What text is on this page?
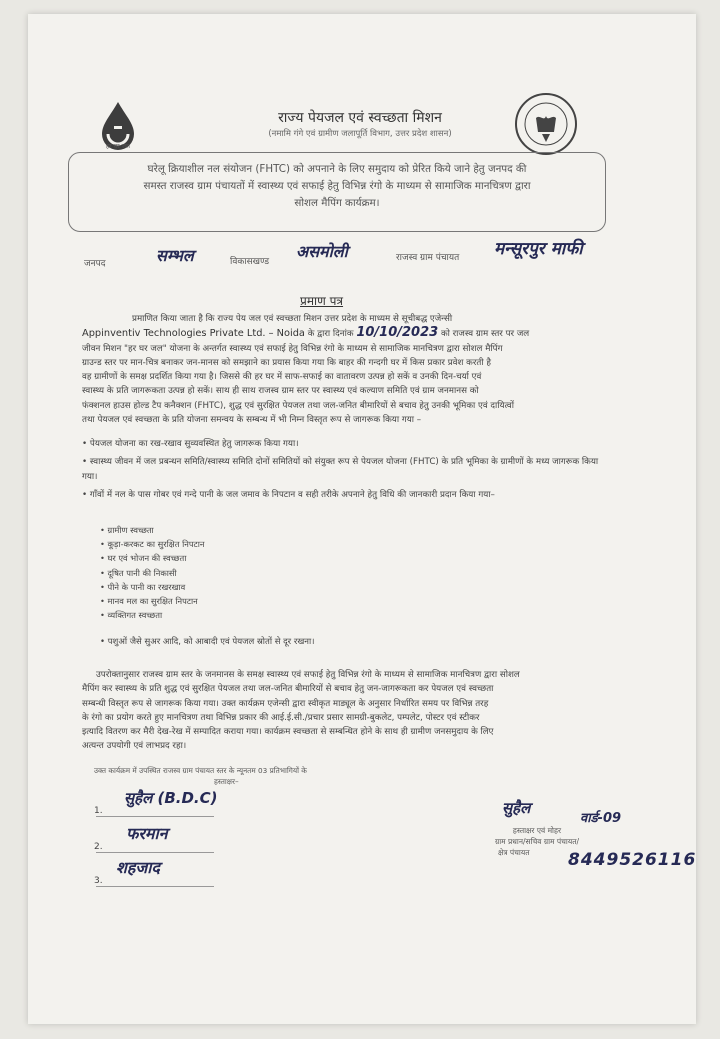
हर घर जल
राज्य पेयजल एवं स्वच्छता मिशन
(नमामि गंगे एवं ग्रामीण जलापूर्ति विभाग, उत्तर प्रदेश शासन)
घरेलू क्रियाशील नल संयोजन (FHTC) को अपनाने के लिए समुदाय को प्रेरित किये जाने हेतु जनपद की
समस्त राजस्व ग्राम पंचायतों में स्वास्थ्य एवं सफाई हेतु विभिन्न रंगो के माध्यम से सामाजिक मानचित्रण द्वारा
सोशल मैपिंग कार्यक्रम।
जनपद	सम्भल	विकासखण्ड
असमोली	राजस्व ग्राम पंचायत मन्सूरपुर माफी
प्रमाण पत्र
प्रमाणित किया जाता है कि राज्य पेय जल एवं स्वच्छता मिशन उत्तर प्रदेश के माध्यम से सूचीबद्ध एजेन्सी
Appinventiv Technologies Private Ltd. – Noida के द्वारा दिनांक 10/10/2023 को राजस्व ग्राम स्तर पर जल
जीवन मिशन "हर घर जल" योजना के अन्तर्गत स्वास्थ्य एवं सफाई हेतु विभिन्न रंगो के माध्यम से सामाजिक मानचित्रण द्वारा सोशल मैपिंग
ग्राउन्ड स्तर पर मान-चित्र बनाकर जन-मानस को समझाने का प्रयास किया गया कि बाहर की गन्दगी घर में किस प्रकार प्रवेश करती है
वह ग्रामीणों के समक्ष प्रदर्शित किया गया है। जिससे की हर घर में साफ-सफाई का वातावरण उत्पन्न हो सकें व उनकी दिन-चर्या एवं
स्वास्थ्य के प्रति जागरूकता उत्पन्न हो सकें। साथ ही साथ राजस्व ग्राम स्तर पर स्वास्थ्य एवं कल्याण समिति एवं ग्राम जनमानस को
फंक्शनल हाउस होल्ड टैप कनैक्शन (FHTC), शुद्ध एवं सुरक्षित पेयजल तथा जल-जनित बीमारियों से बचाव हेतु उनकी भूमिका एवं दायित्वों
तथा पेयजल एवं स्वच्छता के प्रति योजना समन्वय के सम्बन्ध में भी निम्न विस्तृत रूप से जागरूक किया गया –
• पेयजल योजना का रख-रखाव सुव्यवस्थित हेतु जागरूक किया गया।
• स्वास्थ्य जीवन में जल प्रबन्धन समिति/स्वास्थ्य समिति दोनों समितियों को संयुक्त रूप से पेयजल योजना (FHTC) के प्रति भूमिका के ग्रामीणों के मध्य जागरूक किया गया।
• गाँवों में नल के पास गोबर एवं गन्दे पानी के जल जमाव के निपटान व सही तरीके अपनाने हेतु विधि की जानकारी प्रदान किया गया–
• ग्रामीण स्वच्छता
• कूड़ा-करकट का सुरक्षित निपटान
• घर एवं भोजन की स्वच्छता
• दूषित पानी की निकासी
• पीने के पानी का रखरखाव
• मानव मल का सुरक्षित निपटान
• व्यक्तिगत स्वच्छता
• पशुओं जैसे सुअर आदि, को आबादी एवं पेयजल स्रोतों से दूर रखना।
उपरोक्तानुसार राजस्व ग्राम स्तर के जनमानस के समक्ष स्वास्थ्य एवं सफाई हेतु विभिन्न रंगो के माध्यम से सामाजिक मानचित्रण द्वारा सोशल
मैपिंग कर स्वास्थ्य के प्रति शुद्ध एवं सुरक्षित पेयजल तथा जल-जनित बीमारियों से बचाव हेतु जन-जागरूकता कर पेयजल एवं स्वच्छता
सम्बन्धी विस्तृत रूप से जागरूक किया गया। उक्त कार्यक्रम एजेन्सी द्वारा स्वीकृत माड्यूल के अनुसार निर्धारित समय पर विभिन्न तरह
के रंगो का प्रयोग करते हुए मानचित्रण तथा विभिन्न प्रकार की आई.ई.सी./प्रचार प्रसार सामग्री-बुकलेट, पम्पलेट, पोस्टर एवं स्टीकर
इत्यादि वितरण कर मैरी देख-रेख में सम्पादित कराया गया। कार्यक्रम स्वच्छता से सम्बन्धित होने के साथ ही ग्रामीण जनसमुदाय के लिए
अत्यन्त उपयोगी एवं लाभप्रद रहा।
उक्त कार्यक्रम में उपस्थित राजस्व ग्राम पंचायत स्तर के न्यूनतम 03 प्रतिभागियों के
हस्ताक्षर–
1.
सुहैल (B.D.C)
2.
फरमान
3.
शहजाद
सुहैल
वार्ड-09
हस्ताक्षर एवं मोहर
ग्राम प्रधान/सचिव ग्राम पंचायत/
क्षेत्र पंचायत	8449526116
